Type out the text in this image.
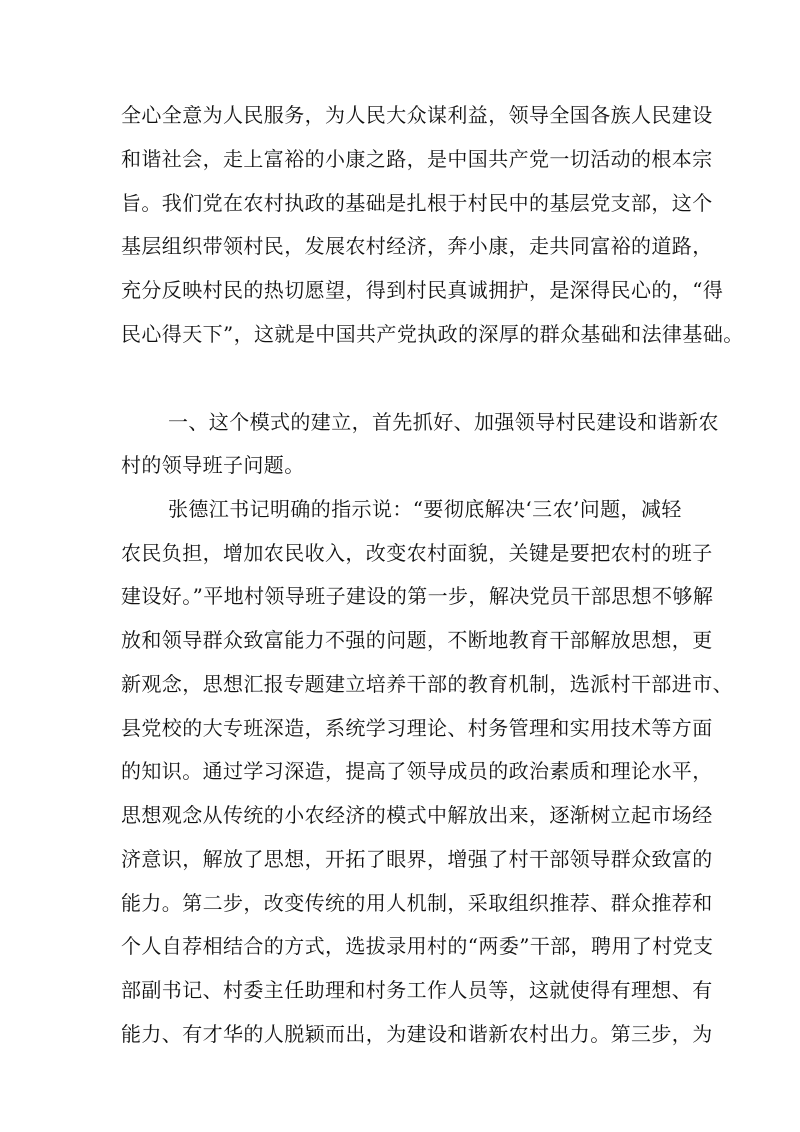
全心全意为人民服务，为人民大众谋利益，领导全国各族人民建设
和谐社会，走上富裕的小康之路，是中国共产党一切活动的根本宗
旨。我们党在农村执政的基础是扎根于村民中的基层党支部，这个
基层组织带领村民，发展农村经济，奔小康，走共同富裕的道路，
充分反映村民的热切愿望，得到村民真诚拥护，是深得民心的，“得
民心得天下”，这就是中国共产党执政的深厚的群众基础和法律基础。
一、这个模式的建立，首先抓好、加强领导村民建设和谐新农
村的领导班子问题。
张德江书记明确的指示说：“要彻底解决‘三农’问题，减轻
农民负担，增加农民收入，改变农村面貌，关键是要把农村的班子
建设好。”平地村领导班子建设的第一步，解决党员干部思想不够解
放和领导群众致富能力不强的问题，不断地教育干部解放思想，更
新观念，思想汇报专题建立培养干部的教育机制，选派村干部进市、
县党校的大专班深造，系统学习理论、村务管理和实用技术等方面
的知识。通过学习深造，提高了领导成员的政治素质和理论水平，
思想观念从传统的小农经济的模式中解放出来，逐渐树立起市场经
济意识，解放了思想，开拓了眼界，增强了村干部领导群众致富的
能力。第二步，改变传统的用人机制，采取组织推荐、群众推荐和
个人自荐相结合的方式，选拔录用村的“两委”干部，聘用了村党支
部副书记、村委主任助理和村务工作人员等，这就使得有理想、有
能力、有才华的人脱颖而出，为建设和谐新农村出力。第三步，为
